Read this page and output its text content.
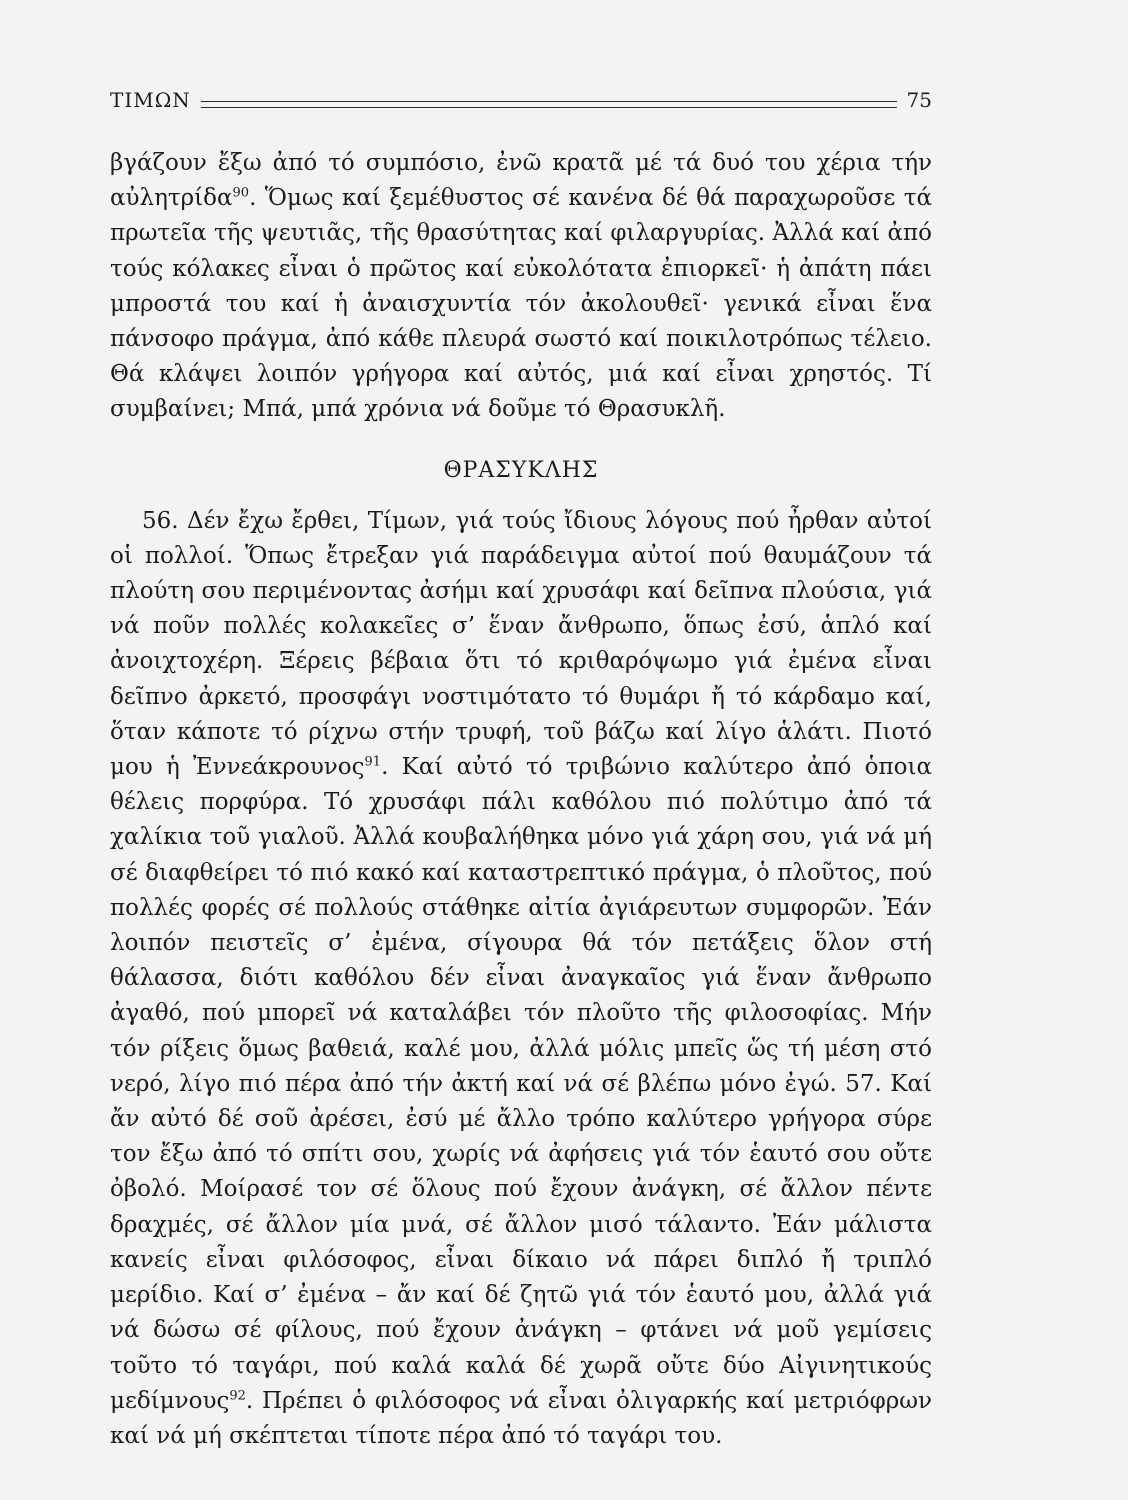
ΤΙΜΩΝ	75

βγάζουν ἔξω ἀπό τό συμπόσιο, ἐνῶ κρατᾶ μέ τά δυό του χέρια τήν αὐλητρίδα$^{90}$. Ὅμως καί ξεμέθυστος σέ κανένα δέ θά παραχωροῦσε τά πρωτεῖα τῆς ψευτιᾶς, τῆς θρασύτητας καί φιλαργυρίας. Ἀλλά καί ἀπό τούς κόλακες εἶναι ὁ πρῶτος καί εὐκολότατα ἐπιορκεῖ· ἡ ἀπάτη πάει μπροστά του καί ἡ ἀναισχυντία τόν ἀκολουθεῖ· γενικά εἶναι ἕνα πάνσοφο πράγμα, ἀπό κάθε πλευρά σωστό καί ποικιλοτρόπως τέλειο. Θά κλάψει λοιπόν γρήγορα καί αὐτός, μιά καί εἶναι χρηστός. Τί συμβαίνει; Μπά, μπά χρόνια νά δοῦμε τό Θρασυκλῆ.

ΘΡΑΣΥΚΛΗΣ

56. Δέν ἔχω ἔρθει, Τίμων, γιά τούς ἴδιους λόγους πού ἦρθαν αὐτοί οἱ πολλοί. Ὅπως ἔτρεξαν γιά παράδειγμα αὐτοί πού θαυμάζουν τά πλούτη σου περιμένοντας ἀσήμι καί χρυσάφι καί δεῖπνα πλούσια, γιά νά ποῦν πολλές κολακεῖες σ’ ἕναν ἄνθρωπο, ὅπως ἐσύ, ἁπλό καί ἀνοιχτοχέρη. Ξέρεις βέβαια ὅτι τό κριθαρόψωμο γιά ἐμένα εἶναι δεῖπνο ἀρκετό, προσφάγι νοστιμότατο τό θυμάρι ἤ τό κάρδαμο καί, ὅταν κάποτε τό ρίχνω στήν τρυφή, τοῦ βάζω καί λίγο ἁλάτι. Πιοτό μου ἡ Ἐννεάκρουνος$^{91}$. Καί αὐτό τό τριβώνιο καλύτερο ἀπό ὁποια θέλεις πορφύρα. Τό χρυσάφι πάλι καθόλου πιό πολύτιμο ἀπό τά χαλίκια τοῦ γιαλοῦ. Ἀλλά κουβαλήθηκα μόνο γιά χάρη σου, γιά νά μή σέ διαφθείρει τό πιό κακό καί καταστρεπτικό πράγμα, ὁ πλοῦτος, πού πολλές φορές σέ πολλούς στάθηκε αἰτία ἀγιάρευτων συμφορῶν. Ἐάν λοιπόν πειστεῖς σ’ ἐμένα, σίγουρα θά τόν πετάξεις ὅλον στή θάλασσα, διότι καθόλου δέν εἶναι ἀναγκαῖος γιά ἕναν ἄνθρωπο ἀγαθό, πού μπορεῖ νά καταλάβει τόν πλοῦτο τῆς φιλοσοφίας. Μήν τόν ρίξεις ὅμως βαθειά, καλέ μου, ἀλλά μόλις μπεῖς ὥς τή μέση στό νερό, λίγο πιό πέρα ἀπό τήν ἀκτή καί νά σέ βλέπω μόνο ἐγώ. 57. Καί ἄν αὐτό δέ σοῦ ἀρέσει, ἐσύ μέ ἄλλο τρόπο καλύτερο γρήγορα σύρε τον ἔξω ἀπό τό σπίτι σου, χωρίς νά ἀφήσεις γιά τόν ἑαυτό σου οὔτε ὀβολό. Μοίρασέ τον σέ ὅλους πού ἔχουν ἀνάγκη, σέ ἄλλον πέντε δραχμές, σέ ἄλλον μία μνά, σέ ἄλλον μισό τάλαντο. Ἐάν μάλιστα κανείς εἶναι φιλόσοφος, εἶναι δίκαιο νά πάρει διπλό ἤ τριπλό μερίδιο. Καί σ’ ἐμένα – ἄν καί δέ ζητῶ γιά τόν ἑαυτό μου, ἀλλά γιά νά δώσω σέ φίλους, πού ἔχουν ἀνάγκη – φτάνει νά μοῦ γεμίσεις τοῦτο τό ταγάρι, πού καλά καλά δέ χωρᾶ οὔτε δύο Αἰγινητικούς μεδίμνους$^{92}$. Πρέπει ὁ φιλόσοφος νά εἶναι ὀλιγαρκής καί μετριόφρων καί νά μή σκέπτεται τίποτε πέρα ἀπό τό ταγάρι του.
